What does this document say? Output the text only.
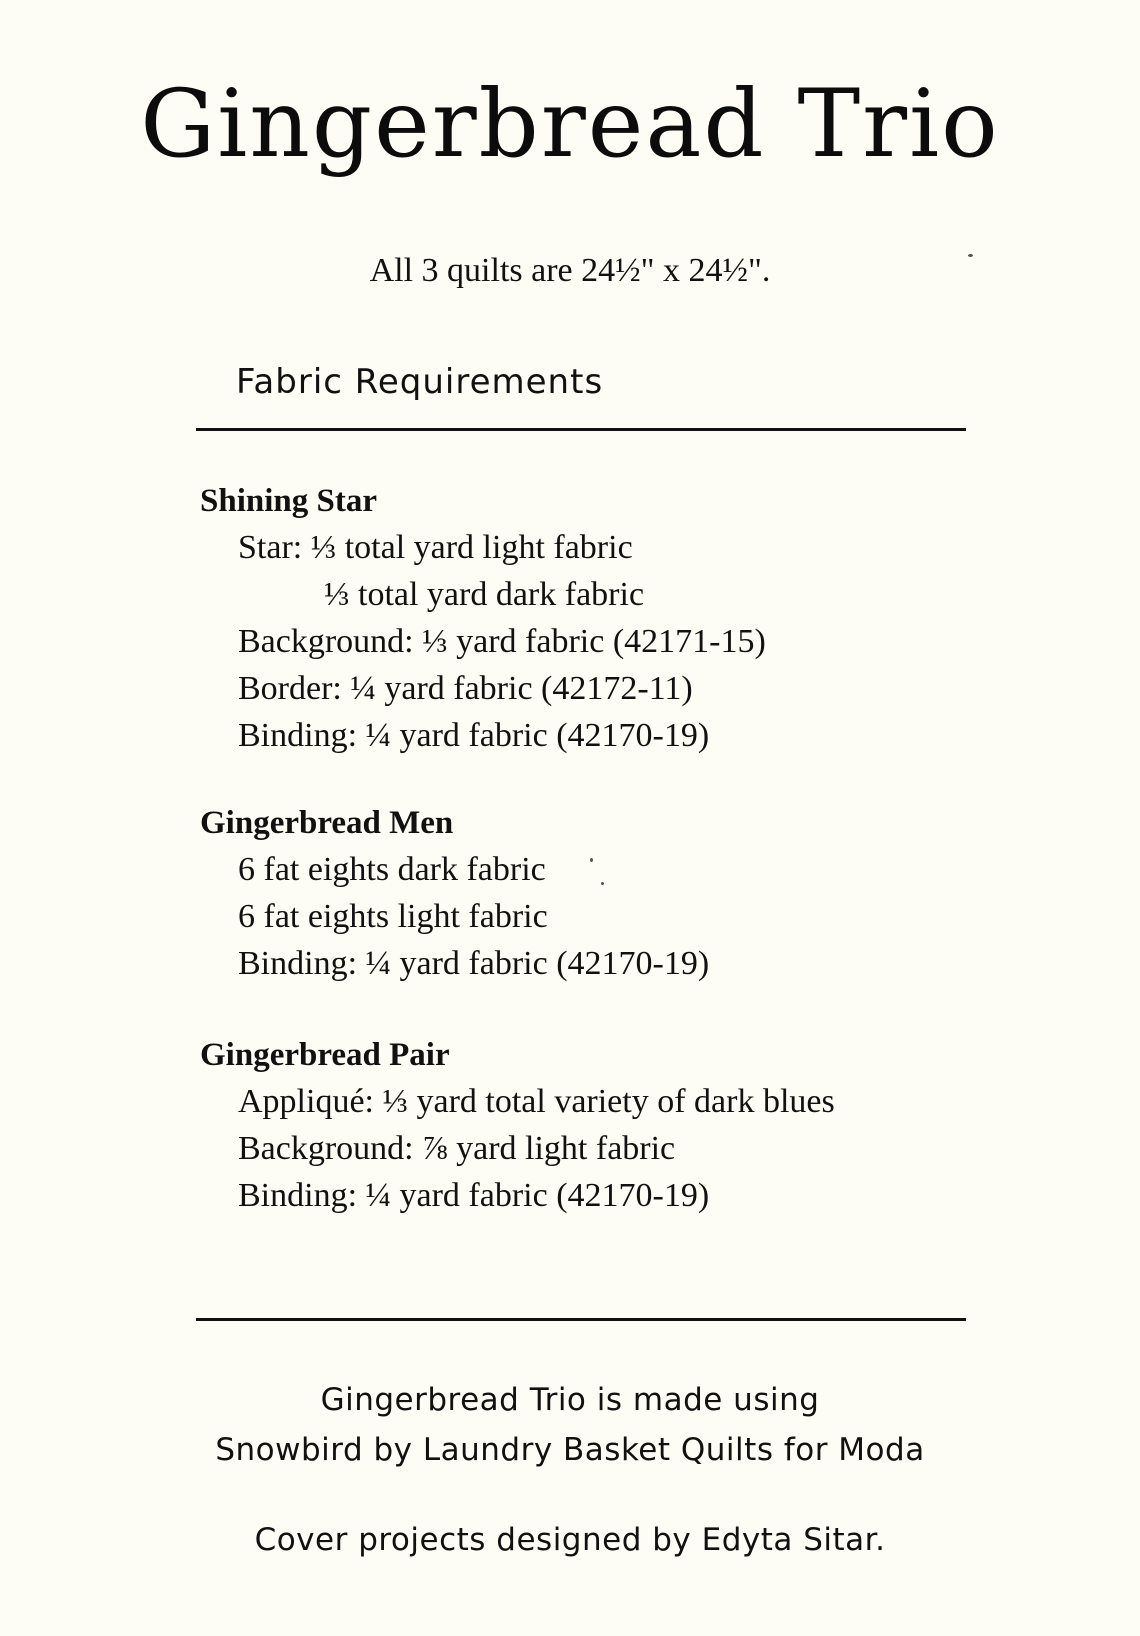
Gingerbread Trio
All 3 quilts are 24½" x 24½".
Fabric Requirements

Shining Star

Star: ⅓ total yard light fabric

⅓ total yard dark fabric

Background: ⅓ yard fabric (42171-15)

Border: ¼ yard fabric (42172-11)

Binding: ¼ yard fabric (42170-19)

Gingerbread Men

6 fat eights dark fabric

6 fat eights light fabric

Binding: ¼ yard fabric (42170-19)

Gingerbread Pair

Appliqué: ⅓ yard total variety of dark blues

Background: ⅞ yard light fabric

Binding: ¼ yard fabric (42170-19)

Gingerbread Trio is made using
Snowbird by Laundry Basket Quilts for Moda
Cover projects designed by Edyta Sitar.
